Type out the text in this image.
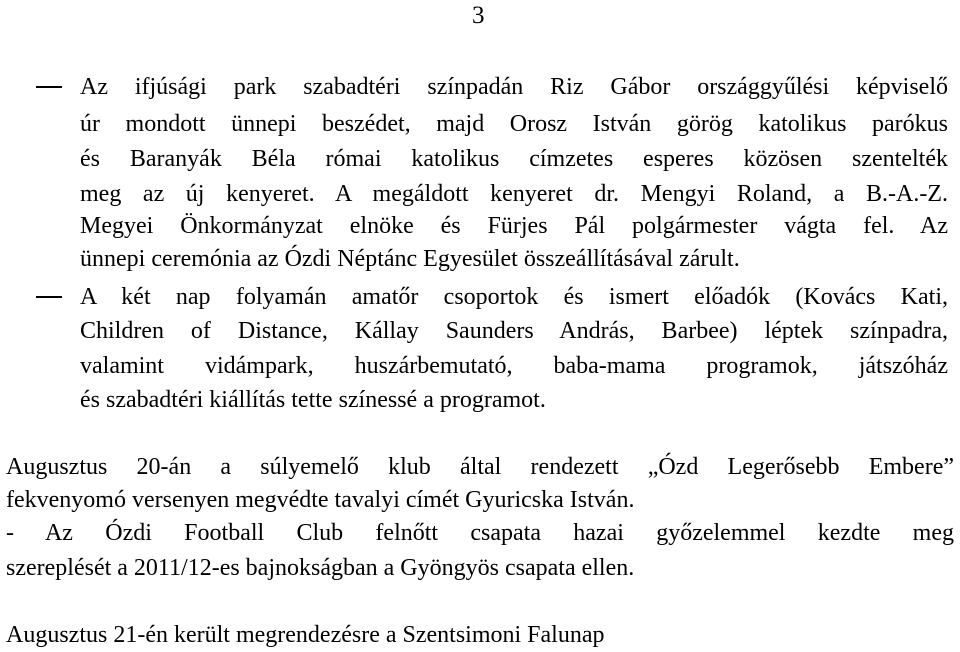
3
Az ifjúsági park szabadtéri színpadán Riz Gábor országgyűlési képviselő
úr mondott ünnepi beszédet, majd Orosz István görög katolikus parókus
és Baranyák Béla római katolikus címzetes esperes közösen szentelték
meg az új kenyeret. A megáldott kenyeret dr. Mengyi Roland, a B.-A.-Z.
Megyei Önkormányzat elnöke és Fürjes Pál polgármester vágta fel. Az
ünnepi ceremónia az Ózdi Néptánc Egyesület összeállításával zárult.
A két nap folyamán amatőr csoportok és ismert előadók (Kovács Kati,
Children of Distance, Kállay Saunders András, Barbee) léptek színpadra,
valamint vidámpark, huszárbemutató, baba-mama programok, játszóház
és szabadtéri kiállítás tette színessé a programot.
Augusztus 20-án a súlyemelő klub által rendezett „Ózd Legerősebb Embere”
fekvenyomó versenyen megvédte tavalyi címét Gyuricska István.
- Az Ózdi Football Club felnőtt csapata hazai győzelemmel kezdte meg
szereplését a 2011/12-es bajnokságban a Gyöngyös csapata ellen.
Augusztus 21-én került megrendezésre a Szentsimoni Falunap
